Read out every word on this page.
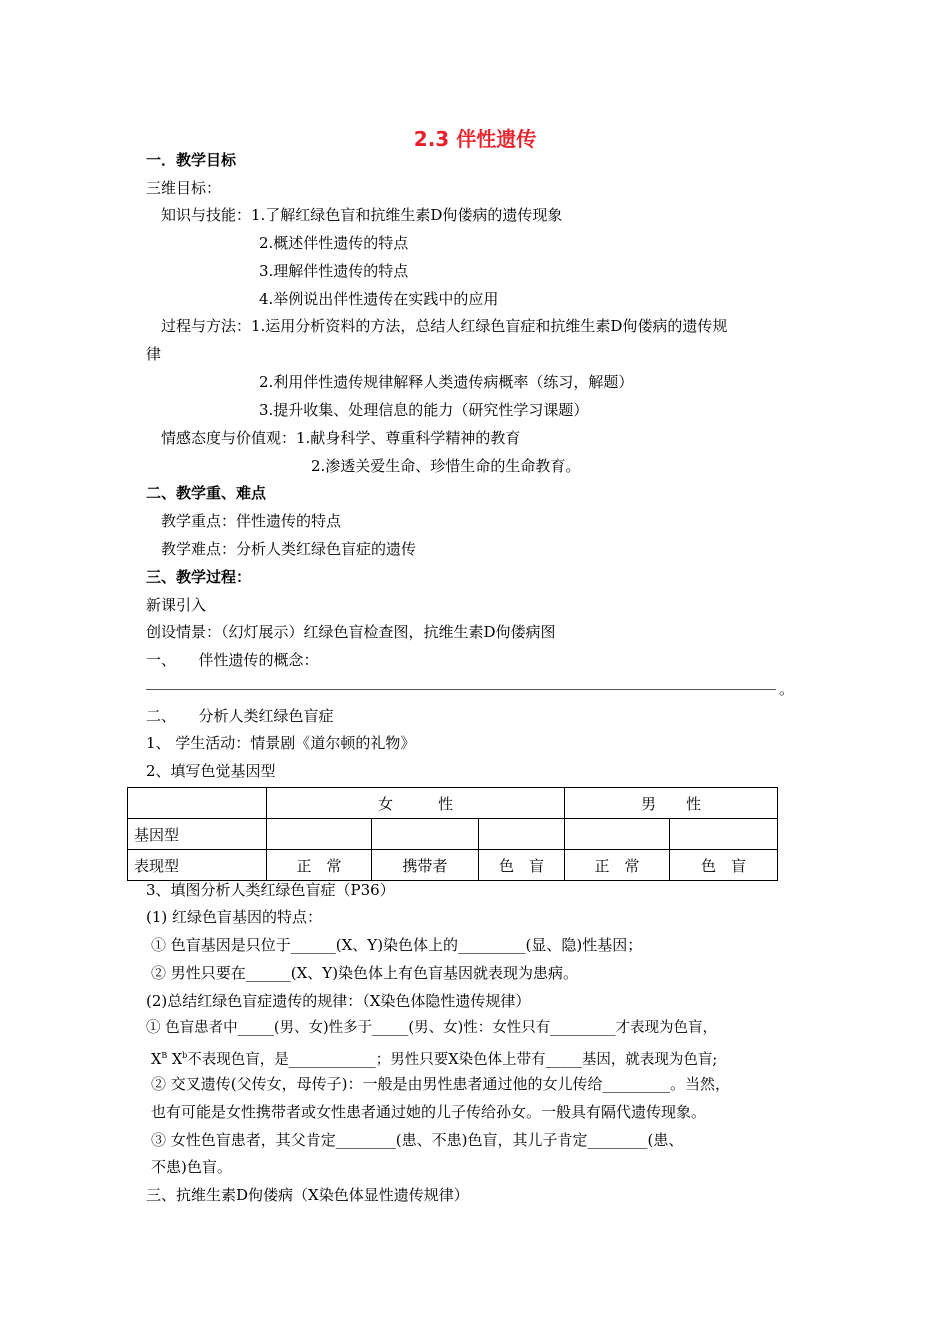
2.3 伴性遗传
一．教学目标
三维目标：
知识与技能：1.了解红绿色盲和抗维生素D佝偻病的遗传现象
2.概述伴性遗传的特点
3.理解伴性遗传的特点
4.举例说出伴性遗传在实践中的应用
过程与方法：1.运用分析资料的方法，总结人红绿色盲症和抗维生素D佝偻病的遗传规
律
2.利用伴性遗传规律解释人类遗传病概率（练习，解题）
3.提升收集、处理信息的能力（研究性学习课题）
情感态度与价值观：1.献身科学、尊重科学精神的教育
2.渗透关爱生命、珍惜生命的生命教育。
二、教学重、难点
教学重点：伴性遗传的特点
教学难点：分析人类红绿色盲症的遗传
三、教学过程：
新课引入
创设情景：（幻灯展示）红绿色盲检查图，抗维生素D佝偻病图
一、　　伴性遗传的概念：
。
二、　　分析人类红绿色盲症
1、 学生活动：情景剧《道尔顿的礼物》
2、填写色觉基因型
	女　　　性			男　　性	
基因型					
表现型	正　常	携带者	色　盲	正　常	色　盲
3、填图分析人类红绿色盲症（P36）
(1) 红绿色盲基因的特点：
① 色盲基因是只位于______(X、Y)染色体上的_________(显、隐)性基因；
② 男性只要在______(X、Y)染色体上有色盲基因就表现为患病。
(2)总结红绿色盲症遗传的规律：（X染色体隐性遗传规律）
① 色盲患者中_____(男、女)性多于_____(男、女)性：女性只有_________才表现为色盲，
$X^B$ $X^b$不表现色盲，是____________；男性只要X染色体上带有_____基因，就表现为色盲;
② 交叉遗传(父传女，母传子)：一般是由男性患者通过他的女儿传给_________。当然，
也有可能是女性携带者或女性患者通过她的儿子传给孙女。一般具有隔代遗传现象。
③ 女性色盲患者，其父肯定________(患、不患)色盲，其儿子肯定________(患、
不患)色盲。
三、抗维生素D佝偻病（X染色体显性遗传规律）
